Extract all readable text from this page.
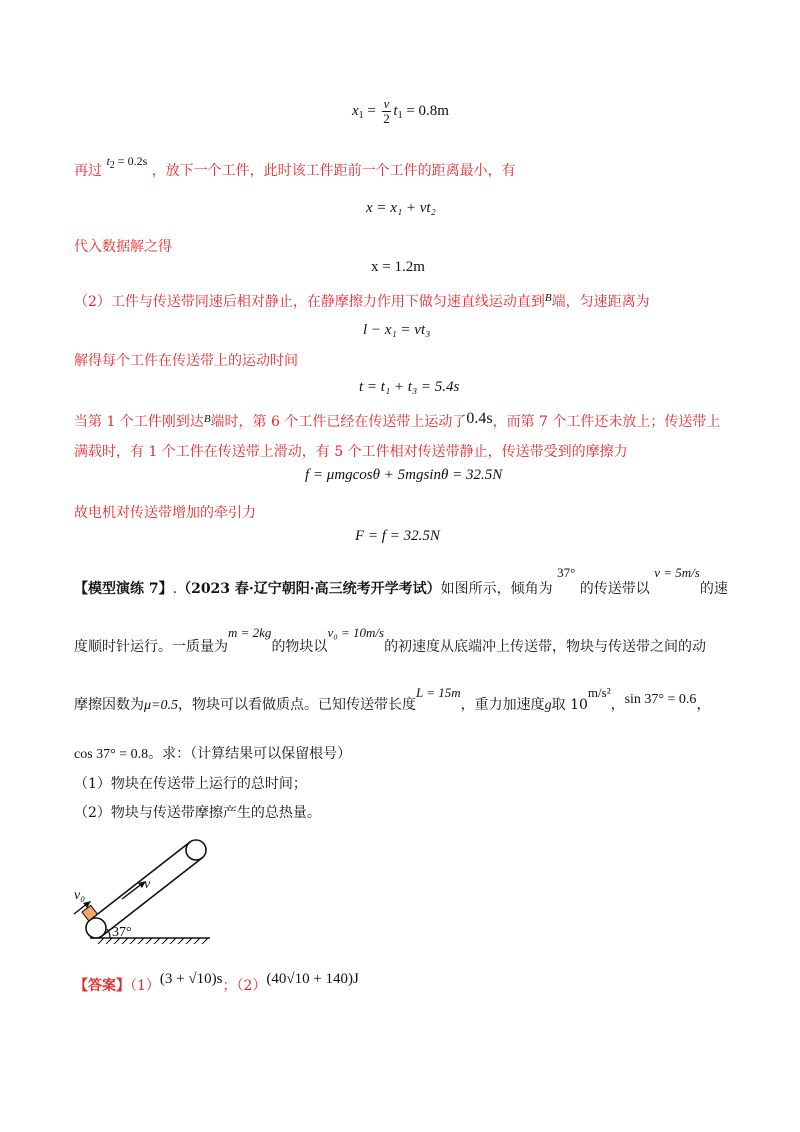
$x_1 = \frac{v}{2} t_1 = 0.8m$
再过 $t_2 = 0.2s$ ，放下一个工件，此时该工件距前一个工件的距离最小，有
x = x₁ + vt₂
代入数据解之得
x = 1.2m
（2）工件与传送带同速后相对静止，在静摩擦力作用下做匀速直线运动直到$^B$端，匀速距离为
l − x₁ = vt₃
解得每个工件在传送带上的运动时间
t = t₁ + t₃ = 5.4s
当第 1 个工件刚到达$^B$端时，第 6 个工件已经在传送带上运动了0.4s，而第 7 个工件还未放上；传送带上
满载时，有 1 个工件在传送带上滑动，有 5 个工件相对传送带静止，传送带受到的摩擦力
f = μmgcosθ + 5mgsinθ = 32.5N
故电机对传送带增加的牵引力
F = f = 32.5N
【模型演练 7】.（2023 春·辽宁朝阳·高三统考开学考试）如图所示，倾角为 37° 的传送带以 v = 5m/s的速
度顺时针运行。一质量为m = 2kg的物块以v₀ = 10m/s的初速度从底端冲上传送带，物块与传送带之间的动
摩擦因数为μ=0.5，物块可以看做质点。已知传送带长度L = 15m，重力加速度g取 10m/s²，sin 37° = 0.6，
cos 37° = 0.8。求：（计算结果可以保留根号）
（1）物块在传送带上运行的总时间；
（2）物块与传送带摩擦产生的总热量。
v₀
v
37°
【答案】（1）(3 + √10)s；（2）(40√10 + 140)J
